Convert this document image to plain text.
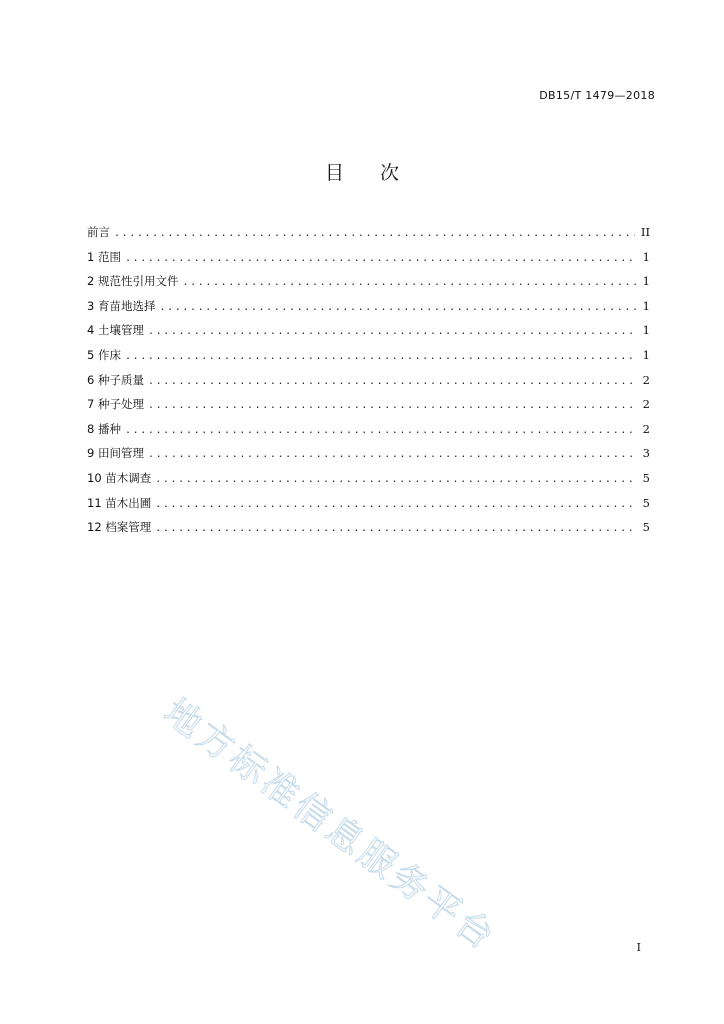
DB15/T 1479—2018
目 次
前言 .....	II
1 范围 .....	1
2 规范性引用文件 .....	1
3 育苗地选择 .....	1
4 土壤管理 .....	1
5 作床 .....	1
6 种子质量 .....	2
7 种子处理 .....	2
8 播种 .....	2
9 田间管理 .....	3
10 苗木调查 .....	5
11 苗木出圃 .....	5
12 档案管理 .....	5
地方标准信息服务平台	I
